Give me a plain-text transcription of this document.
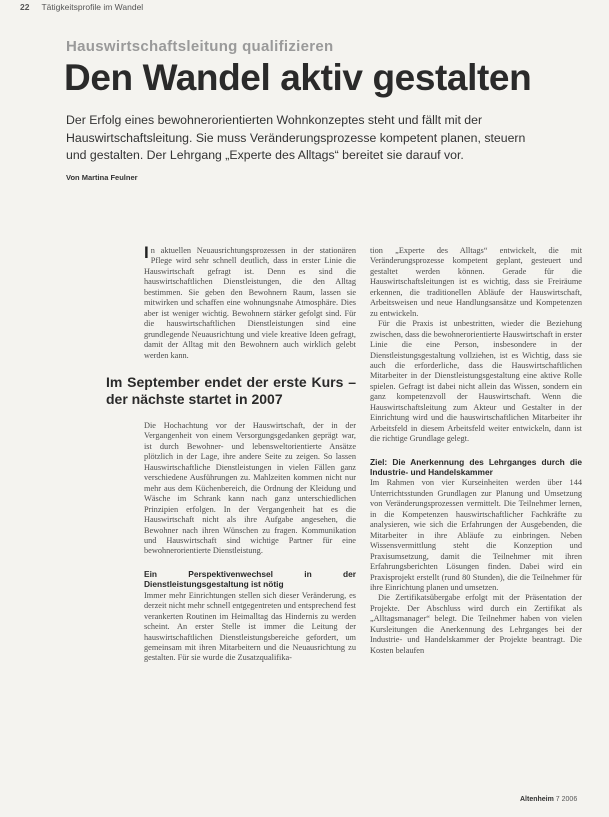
22 Tätigkeitsprofile im Wandel
Hauswirtschaftsleitung qualifizieren
Den Wandel aktiv gestalten
Der Erfolg eines bewohnerorientierten Wohnkonzeptes steht und fällt mit der Hauswirtschaftsleitung. Sie muss Veränderungsprozesse kompetent planen, steuern und gestalten. Der Lehrgang „Experte des Alltags“ bereitet sie darauf vor.
Von Martina Feulner

In aktuellen Neuausrichtungsprozessen in der stationären Pflege wird sehr schnell deutlich, dass in erster Linie die Hauswirtschaft gefragt ist. Denn es sind die hauswirtschaftlichen Dienstleistungen, die den Alltag bestimmen. Sie geben den Bewohnern Raum, lassen sie mitwirken und schaffen eine wohnungsnahe Atmosphäre. Dies aber ist weniger wichtig. Bewohnern stärker gefolgt sind. Für die hauswirtschaftlichen Dienstleistungen sind eine grundlegende Neuausrichtung und viele kreative Ideen gefragt, damit der Alltag mit den Bewohnern auch wirklich gelebt werden kann.

Im September endet der erste Kurs – der nächste startet in 2007

Die Hochachtung vor der Hauswirtschaft, der in der Vergangenheit von einem Versorgungsgedanken geprägt war, ist durch Bewohner- und lebensweltorientierte Ansätze plötzlich in der Lage, ihre andere Seite zu zeigen. So lassen Hauswirtschaftliche Dienstleistungen in vielen Fällen ganz verschiedene Ausführungen zu. Mahlzeiten kommen nicht nur mehr aus dem Küchenbereich, die Ordnung der Kleidung und Wäsche im Schrank kann nach ganz unterschiedlichen Prinzipien erfolgen. In der Vergangenheit hat es die Hauswirtschaft nicht als ihre Aufgabe angesehen, die Bewohner nach ihren Wünschen zu fragen. Kommunikation und Hauswirtschaft sind wichtige Partner für eine bewohnerorientierte Dienstleistung.

Ein Perspektivenwechsel in der Dienstleistungsgestaltung ist nötig

Immer mehr Einrichtungen stellen sich dieser Veränderung, es derzeit nicht mehr schnell entgegentreten und entsprechend fest verankerten Routinen im Heimalltag das Hindernis zu werden scheint. An erster Stelle ist immer die Leitung der hauswirtschaftlichen Dienstleistungsbereiche gefordert, um gemeinsam mit ihren Mitarbeitern und die Neuausrichtung zu gestalten. Für sie wurde die Zusatzqualifika-

tion „Experte des Alltags“ entwickelt, die mit Veränderungsprozesse kompetent geplant, gesteuert und gestaltet werden können. Gerade für die Hauswirtschaftsleitungen ist es wichtig, dass sie Freiräume erkennen, die traditionellen Abläufe der Hauswirtschaft, Arbeitsweisen und neue Handlungsansätze und Kompetenzen zu entwickeln.

Für die Praxis ist unbestritten, wieder die Beziehung zwischen, dass die bewohnerorientierte Hauswirtschaft in erster Linie die eine Person, insbesondere in der Dienstleistungsgestaltung vollziehen, ist es Wichtig, dass sie auch die erforderliche, dass die Hauswirtschaftlichen Mitarbeiter in der Dienstleistungsgestaltung eine aktive Rolle spielen. Gefragt ist dabei nicht allein das Wissen, sondern ein ganz kompetenzvoll der Hauswirtschaft. Wenn die Hauswirtschaftsleitung zum Akteur und Gestalter in der Einrichtung wird und die hauswirtschaftlichen Mitarbeiter ihr Arbeitsfeld in diesem Arbeitsfeld weiter entwickeln, dann ist die richtige Grundlage gelegt.

Ziel: Die Anerkennung des Lehrganges durch die Industrie- und Handelskammer

Im Rahmen von vier Kurseinheiten werden über 144 Unterrichtsstunden Grundlagen zur Planung und Umsetzung von Veränderungsprozessen vermittelt. Die Teilnehmer lernen, in die Kompetenzen hauswirtschaftlicher Fachkräfte zu analysieren, wie sich die Erfahrungen der Ausgebenden, die Mitarbeiter in ihre Abläufe zu einbringen. Neben Wissensvermittlung steht die Konzeption und Praxisumsetzung, damit die Teilnehmer mit ihren Erfahrungsberichten Lösungen finden. Dabei wird ein Praxisprojekt erstellt (rund 80 Stunden), die die Teilnehmer für ihre Einrichtung planen und umsetzen.

Die Zertifikatsübergabe erfolgt mit der Präsentation der Projekte. Der Abschluss wird durch ein Zertifikat als „Alltagsmanager“ belegt. Die Teilnehmer haben von vielen Kursleitungen die Anerkennung des Lehrganges bei der Industrie- und Handelskammer der Projekte beantragt. Die Kosten belaufen

Altenheim 7 2006
